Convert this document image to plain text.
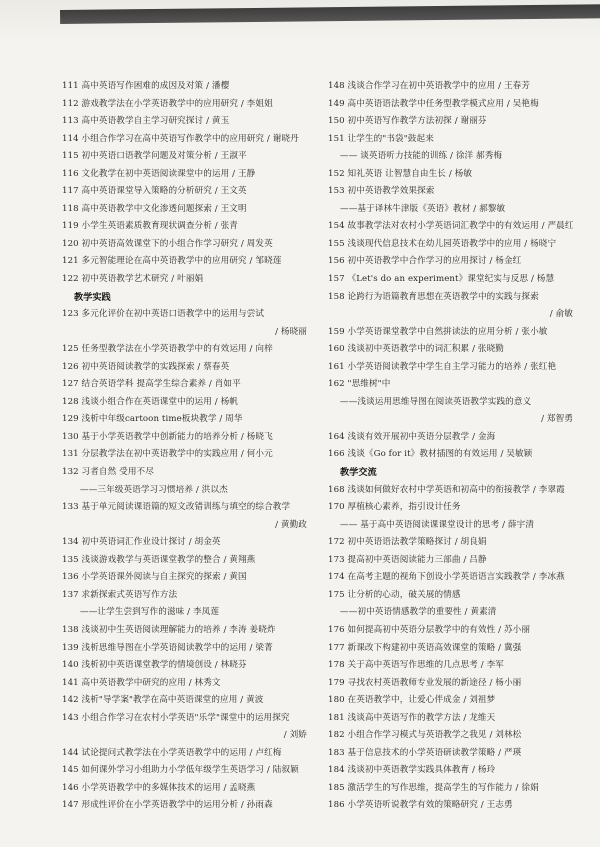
111 高中英语写作困难的成因及对策 / 潘樱
112 游戏教学法在小学英语教学中的应用研究 / 李姐姐
113 高中英语教学自主学习研究探讨 / 黄玉
114 小组合作学习在高中英语写作教学中的应用研究 / 谢晓丹
115 初中英语口语教学问题及对策分析 / 王淑平
116 文化教学在初中英语阅读课堂中的运用 / 王静
117 高中英语课堂导入策略的分析研究 / 王文英
118 高中英语教学中文化渗透问题探索 / 王文明
119 小学生英语素质教育现状调查分析 / 张青
120 初中英语高效课堂下的小组合作学习研究 / 周发英
121 多元智能理论在高中英语教学中的应用研究 / 邹晓莲
122 初中英语教学艺术研究 / 叶丽娟
教学实践
123 多元化评价在初中英语口语教学中的运用与尝试
/ 杨晓丽
125 任务型教学法在小学英语教学中的有效运用 / 向梓
126 初中英语阅读教学的实践探索 / 蔡春英
127 结合英语学科 提高学生综合素养 / 肖如平
128 浅谈小组合作在英语课堂中的运用 / 杨帆
129 浅析中年级cartoon time板块教学 / 周华
130 基于小学英语教学中创新能力的培养分析 / 杨晓飞
131 分层教学法在初中英语教学中的实践应用 / 何小元
132 习者自然 受用不尽
——三年级英语学习习惯培养 / 洪以杰
133 基于单元阅读课语篇的短文改错训练与填空的综合教学
/ 黄勤政
134 初中英语词汇作业设计探讨 / 胡金英
135 浅谈游戏教学与英语课堂教学的整合 / 黄翔燕
136 小学英语课外阅读与自主探究的探索 / 黄国
137 求新探索式英语写作方法
——让学生尝到写作的滋味 / 李凤莲
138 浅谈初中生英语阅读理解能力的培养 / 李涛 姜晓炸
139 浅析思维导图在小学英语阅读教学中的运用 / 梁菁
140 浅析初中英语课堂教学的情境创设 / 林晓芬
141 高中英语教学中研究的应用 / 林秀文
142 浅析"导学案"教学在高中英语课堂的应用 / 黄波
143 小组合作学习在农村小学英语"乐学"课堂中的运用探究
/ 刘娇
144 试论提问式教学法在小学英语教学中的运用 / 卢红梅
145 如何课外学习小组助力小学低年级学生英语学习 / 陆叙颖
146 小学英语教学中的多媒体技术的运用 / 孟晓燕
147 形成性评价在小学英语教学中的运用分析 / 孙雨森
148 浅谈合作学习在初中英语教学中的应用 / 王春芳
149 高中英语语法教学中任务型教学模式应用 / 吴艳梅
150 初中英语写作教学方法初探 / 谢丽芬
151 让学生的"书袋"鼓起来
—— 谈英语听力技能的训练 / 徐洋 郝秀梅
152 知礼英语 让智慧自由生长 / 杨敏
153 初中英语教学效果探索
——基于译林牛津版《英语》教材 / 郝黎敏
154 故事教学法对农村小学英语词汇教学中的有效运用 / 严晨红
155 浅谈现代信息技术在幼儿园英语教学中的应用 / 杨晓宁
156 初中英语教学中合作学习的应用探讨 / 杨金红
157 《Let's do an experiment》课堂纪实与反思 / 杨慧
158 论跨行为语篇教育思想在英语教学中的实践与探索
/ 俞敏
159 小学英语课堂教学中自然拼读法的应用分析 / 张小敏
160 浅谈初中英语教学中的词汇积累 / 张晓勤
161 小学英语阅读教学中学生自主学习能力的培养 / 张红艳
162 "思维树"中
——浅谈运用思维导图在阅读英语教学实践的意义
/ 郑智勇
164 浅谈有效开展初中英语分层教学 / 金海
166 浅谈《Go for it》教材插图的有效运用 / 吴敏颖
教学交流
168 浅谈如何做好农村中学英语和初高中的衔接教学 / 李翠霞
170 厚植核心素养，指引设计任务
—— 基于高中英语阅读课课堂设计的思考 / 薛宇清
172 初中英语语法教学策略探讨 / 胡良娟
173 提高初中英语阅读能力三部曲 / 吕静
174 在高考主题的视角下创设小学英语语言实践教学 / 李冰燕
175 让分析的心动，破关展的情感
——初中英语情感教学的重要性 / 黄素清
176 如何提高初中英语分层教学中的有效性 / 苏小丽
177 新课改下构建初中英语高效课堂的策略 / 冀强
178 关于高中英语写作思维的几点思考 / 李军
179 寻找农村英语教师专业发展的新途径 / 杨小丽
180 在英语教学中，让爱心伴成金 / 刘祖梦
181 浅谈高中英语写作的教学方法 / 龙维天
182 小组合作学习模式与英语教学之我见 / 刘林松
183 基于信息技术的小学英语研读教学策略 / 严瑛
184 浅谈初中英语教学实践具体教育 / 杨玲
185 激活学生的写作思维，提高学生的写作能力 / 徐娟
186 小学英语听说教学有效的策略研究 / 王志勇
